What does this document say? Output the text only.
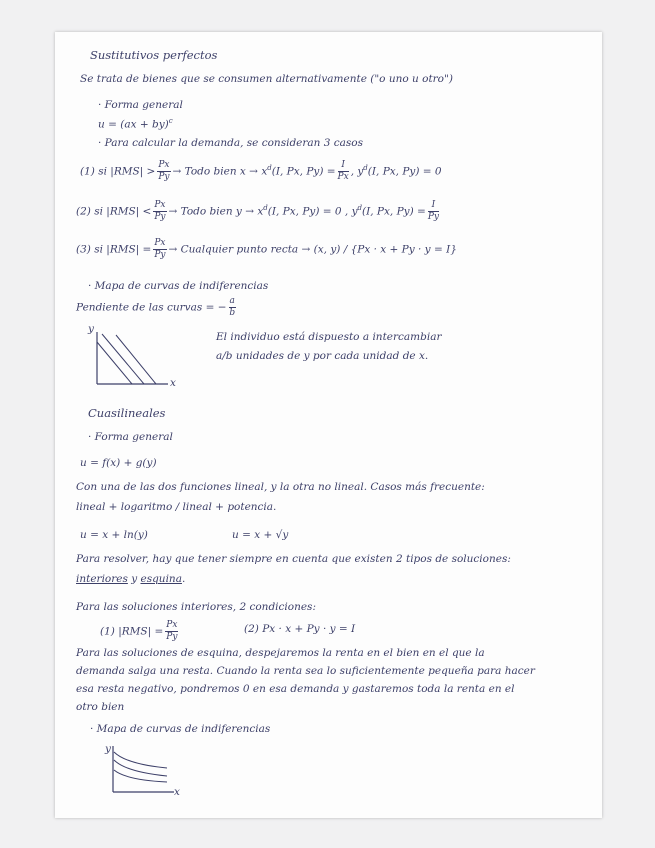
Sustitutivos perfectos
Se trata de bienes que se consumen alternativamente ("o uno u otro")
· Forma general
u = (ax + by)$^c$
· Para calcular la demanda, se consideran 3 casos
(1) si $|RMS| > \frac{Px}{Py}$ → Todo bien $x \to x^d(I$, Px, $Py) = \frac{I}{Px}$ , $y^d(I$, Px, Py) = 0
(2) si $|RMS| < \frac{Px}{Py}$ → Todo bien $y \to x^d(I$, Px, Py) = 0 , $y^d(I$, Px, $Py) = \frac{I}{Py}$
(3) si $|RMS| = \frac{Px}{Py}$ → Cualquier punto recta → (x, y) / {Px · x + Py · y = I}
· Mapa de curvas de indiferencias
Pendiente de las curvas = − $\frac{a}{b}$
y
x
El individuo está dispuesto a intercambiar
a/b unidades de y por cada unidad de x.
Cuasilineales
· Forma general
u = f(x) + g(y)
Con una de las dos funciones lineal, y la otra no lineal. Casos más frecuente:
lineal + logaritmo / lineal + potencia.
u = x + ln(y)	u = x + √y
Para resolver, hay que tener siempre en cuenta que existen 2 tipos de soluciones:
interiores y esquina.
Para las soluciones interiores, 2 condiciones:
(1) $|RMS| = \frac{Px}{Py}$	(2) Px · x + Py · y = I
Para las soluciones de esquina, despejaremos la renta en el bien en el que la
demanda salga una resta. Cuando la renta sea lo suficientemente pequeña para hacer
esa resta negativo, pondremos 0 en esa demanda y gastaremos toda la renta en el
otro bien
· Mapa de curvas de indiferencias
y
x
